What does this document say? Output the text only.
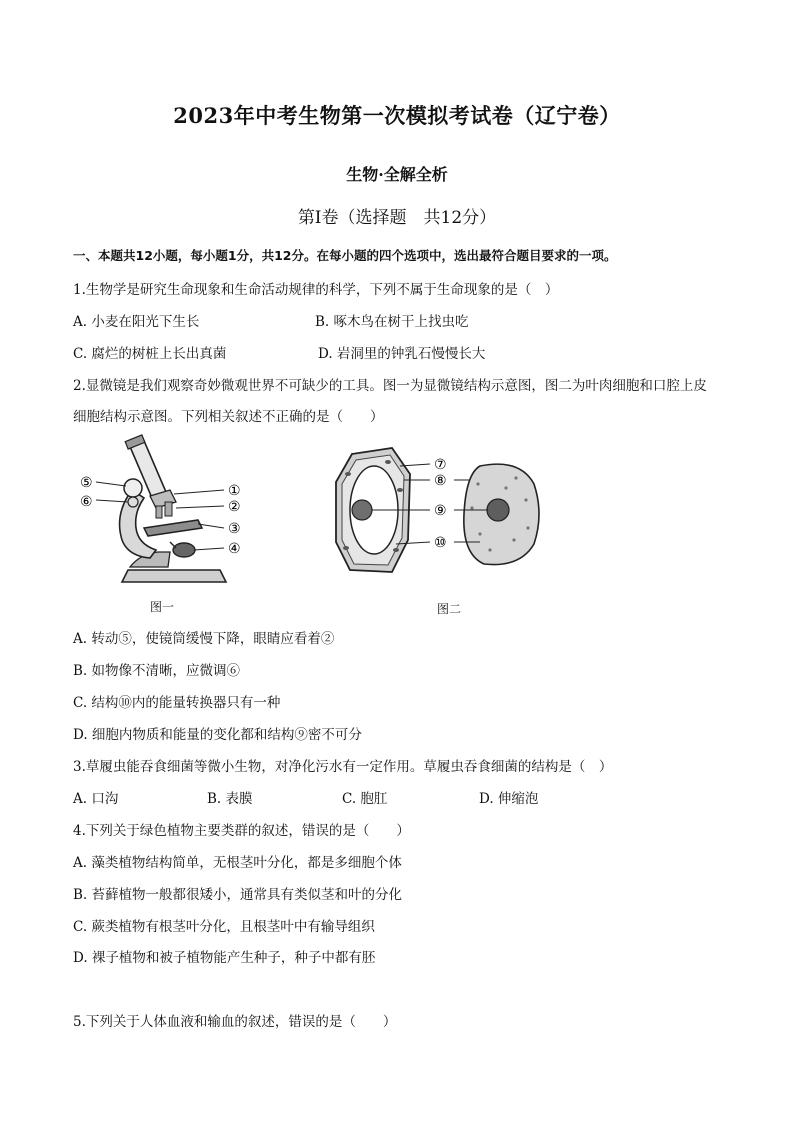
2023年中考生物第一次模拟考试卷（辽宁卷）
生物·全解全析
第Ⅰ卷（选择题　共12分）
一、本题共12小题，每小题1分，共12分。在每小题的四个选项中，选出最符合题目要求的一项。
1.生物学是研究生命现象和生命活动规律的科学，下列不属于生命现象的是（　）
A. 小麦在阳光下生长	B. 啄木鸟在树干上找虫吃
C. 腐烂的树桩上长出真菌	D. 岩洞里的钟乳石慢慢长大
2.显微镜是我们观察奇妙微观世界不可缺少的工具。图一为显微镜结构示意图，图二为叶肉细胞和口腔上皮
细胞结构示意图。下列相关叙述不正确的是（　　）
⑤
⑥
①
②
③
④
图一
⑦
⑧
⑨
⑩
图二
A. 转动⑤，使镜筒缓慢下降，眼睛应看着②
B. 如物像不清晰，应微调⑥
C. 结构⑩内的能量转换器只有一种
D. 细胞内物质和能量的变化都和结构⑨密不可分
3.草履虫能吞食细菌等微小生物，对净化污水有一定作用。草履虫吞食细菌的结构是（　）
A. 口沟	B. 表膜	C. 胞肛	D. 伸缩泡
4.下列关于绿色植物主要类群的叙述，错误的是（　　）
A. 藻类植物结构简单，无根茎叶分化，都是多细胞个体
B. 苔藓植物一般都很矮小，通常具有类似茎和叶的分化
C. 蕨类植物有根茎叶分化，且根茎叶中有输导组织
D. 裸子植物和被子植物能产生种子，种子中都有胚
5.下列关于人体血液和输血的叙述，错误的是（　　）
